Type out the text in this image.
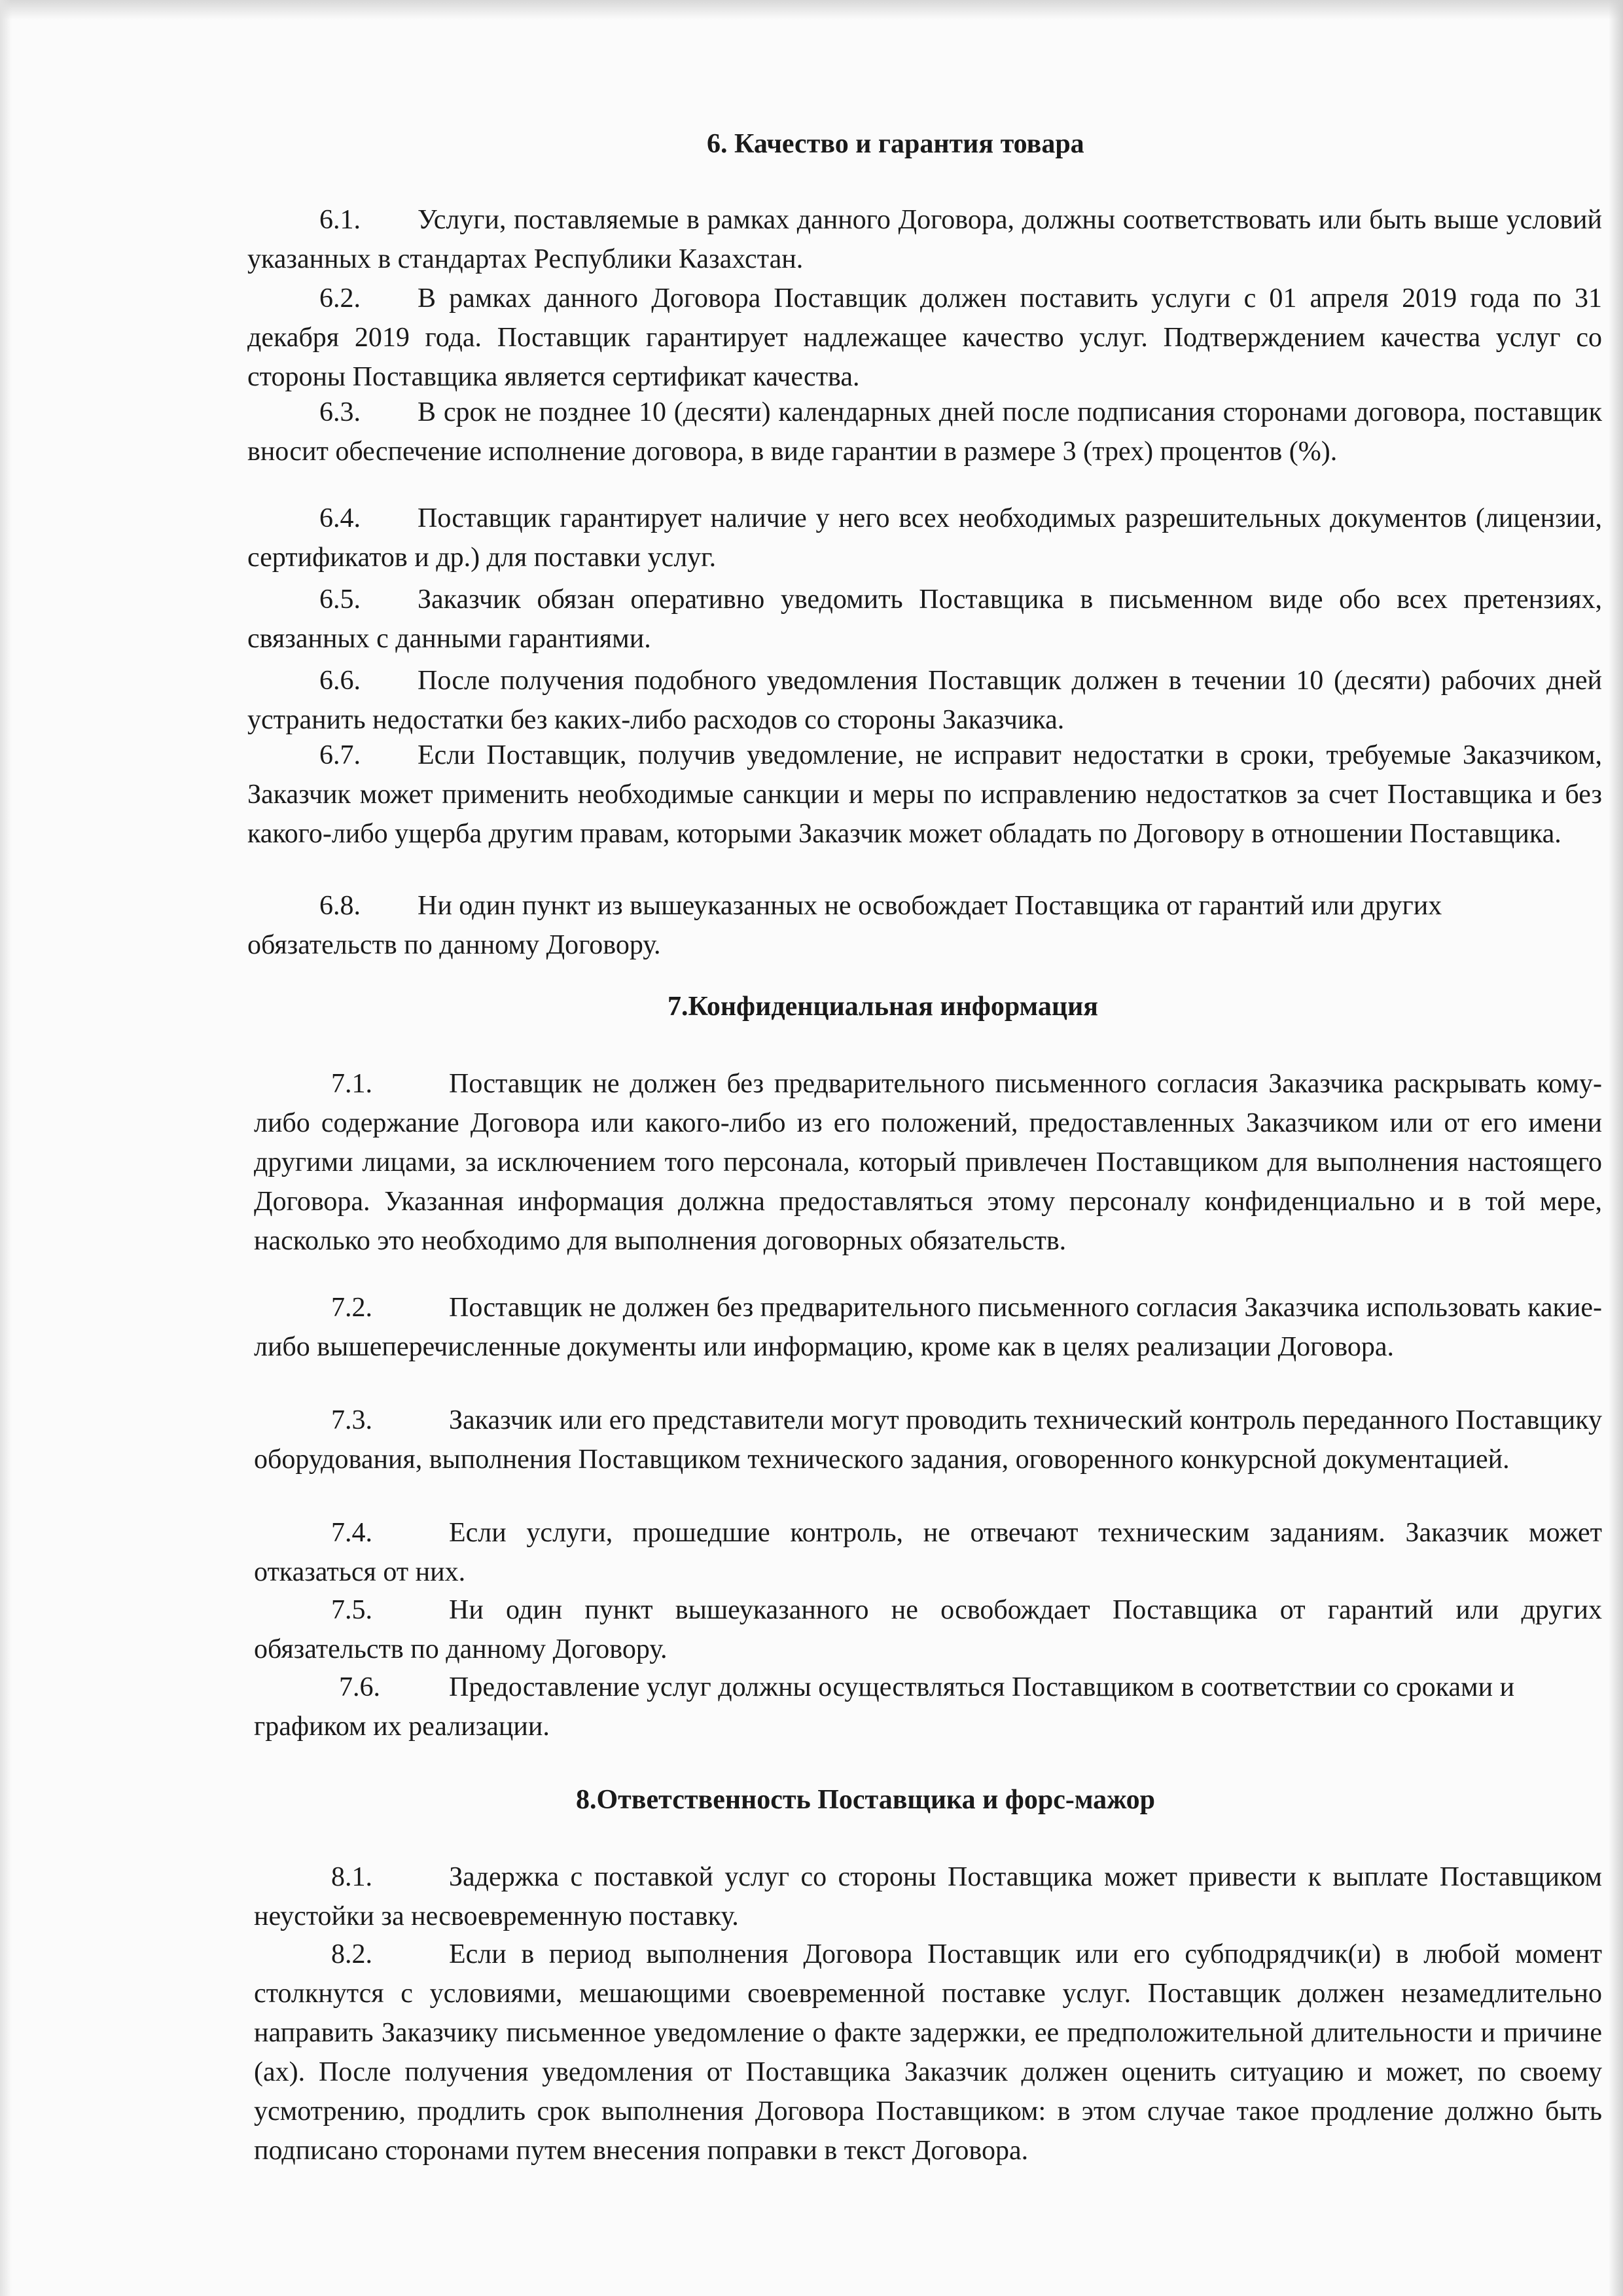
6. Качество и гарантия товара
6.1. Услуги, поставляемые в рамках данного Договора, должны соответствовать или быть выше условий указанных в стандартах Республики Казахстан.
6.2. В рамках данного Договора Поставщик должен поставить услуги с 01 апреля 2019 года по 31 декабря 2019 года. Поставщик гарантирует надлежащее качество услуг. Подтверждением качества услуг со стороны Поставщика является сертификат качества.
6.3. В срок не позднее 10 (десяти) календарных дней после подписания сторонами договора, поставщик вносит обеспечение исполнение договора, в виде гарантии в размере 3 (трех) процентов (%).
6.4. Поставщик гарантирует наличие у него всех необходимых разрешительных документов (лицензии, сертификатов и др.) для поставки услуг.
6.5. Заказчик обязан оперативно уведомить Поставщика в письменном виде обо всех претензиях, связанных с данными гарантиями.
6.6. После получения подобного уведомления Поставщик должен в течении 10 (десяти) рабочих дней устранить недостатки без каких-либо расходов со стороны Заказчика.
6.7. Если Поставщик, получив уведомление, не исправит недостатки в сроки, требуемые Заказчиком, Заказчик может применить необходимые санкции и меры по исправлению недостатков за счет Поставщика и без какого-либо ущерба другим правам, которыми Заказчик может обладать по Договору в отношении Поставщика.
6.8. Ни один пункт из вышеуказанных не освобождает Поставщика от гарантий или других обязательств по данному Договору.
7.Конфиденциальная информация
7.1.	Поставщик не должен без предварительного письменного согласия Заказчика раскрывать кому-либо содержание Договора или какого-либо из его положений, предоставленных Заказчиком или от его имени другими лицами, за исключением того персонала, который привлечен Поставщиком для выполнения настоящего Договора. Указанная информация должна предоставляться этому персоналу конфиденциально и в той мере, насколько это необходимо для выполнения договорных обязательств.
7.2.	Поставщик не должен без предварительного письменного согласия Заказчика использовать какие-либо вышеперечисленные документы или информацию, кроме как в целях реализации Договора.
7.3.	Заказчик или его представители могут проводить технический контроль переданного Поставщику оборудования, выполнения Поставщиком технического задания, оговоренного конкурсной документацией.
7.4.	Если услуги, прошедшие контроль, не отвечают техническим заданиям. Заказчик может отказаться от них.
7.5.	Ни один пункт вышеуказанного не освобождает Поставщика от гарантий или других обязательств по данному Договору.
7.6.	Предоставление услуг должны осуществляться Поставщиком в соответствии со сроками и графиком их реализации.
8.Ответственность Поставщика и форс-мажор
8.1.	Задержка с поставкой услуг со стороны Поставщика может привести к выплате Поставщиком неустойки за несвоевременную поставку.
8.2.	Если в период выполнения Договора Поставщик или его субподрядчик(и) в любой момент столкнутся с условиями, мешающими своевременной поставке услуг. Поставщик должен незамедлительно направить Заказчику письменное уведомление о факте задержки, ее предположительной длительности и причине (ах). После получения уведомления от Поставщика Заказчик должен оценить ситуацию и может, по своему усмотрению, продлить срок выполнения Договора Поставщиком: в этом случае такое продление должно быть подписано сторонами путем внесения поправки в текст Договора.
